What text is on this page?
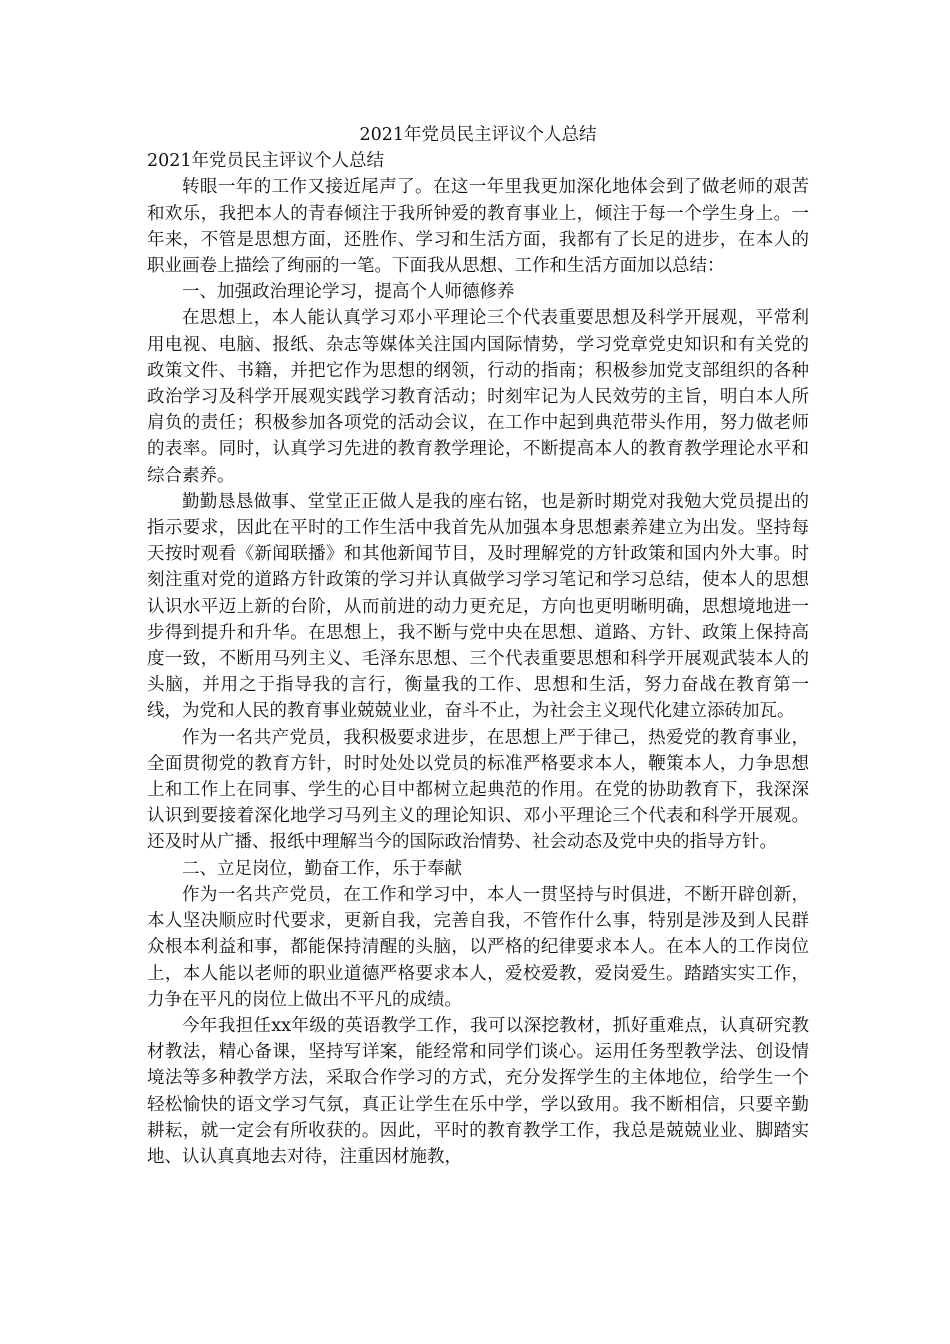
2021年党员民主评议个人总结

2021年党员民主评议个人总结

转眼一年的工作又接近尾声了。在这一年里我更加深化地体会到了做老师的艰苦和欢乐，我把本人的青春倾注于我所钟爱的教育事业上，倾注于每一个学生身上。一年来，不管是思想方面，还胜作、学习和生活方面，我都有了长足的进步，在本人的职业画卷上描绘了绚丽的一笔。下面我从思想、工作和生活方面加以总结：

一、加强政治理论学习，提高个人师德修养

在思想上，本人能认真学习邓小平理论三个代表重要思想及科学开展观，平常利用电视、电脑、报纸、杂志等媒体关注国内国际情势，学习党章党史知识和有关党的政策文件、书籍，并把它作为思想的纲领，行动的指南；积极参加党支部组织的各种政治学习及科学开展观实践学习教育活动；时刻牢记为人民效劳的主旨，明白本人所肩负的责任；积极参加各项党的活动会议，在工作中起到典范带头作用，努力做老师的表率。同时，认真学习先进的教育教学理论，不断提高本人的教育教学理论水平和综合素养。

勤勤恳恳做事、堂堂正正做人是我的座右铭，也是新时期党对我勉大党员提出的指示要求，因此在平时的工作生活中我首先从加强本身思想素养建立为出发。坚持每天按时观看《新闻联播》和其他新闻节目，及时理解党的方针政策和国内外大事。时刻注重对党的道路方针政策的学习并认真做学习学习笔记和学习总结，使本人的思想认识水平迈上新的台阶，从而前进的动力更充足，方向也更明晰明确，思想境地进一步得到提升和升华。在思想上，我不断与党中央在思想、道路、方针、政策上保持高度一致，不断用马列主义、毛泽东思想、三个代表重要思想和科学开展观武装本人的头脑，并用之于指导我的言行，衡量我的工作、思想和生活，努力奋战在教育第一线，为党和人民的教育事业兢兢业业，奋斗不止，为社会主义现代化建立添砖加瓦。

作为一名共产党员，我积极要求进步，在思想上严于律己，热爱党的教育事业，全面贯彻党的教育方针，时时处处以党员的标准严格要求本人，鞭策本人，力争思想上和工作上在同事、学生的心目中都树立起典范的作用。在党的协助教育下，我深深认识到要接着深化地学习马列主义的理论知识、邓小平理论三个代表和科学开展观。还及时从广播、报纸中理解当今的国际政治情势、社会动态及党中央的指导方针。

二、立足岗位，勤奋工作，乐于奉献

作为一名共产党员，在工作和学习中，本人一贯坚持与时俱进，不断开辟创新，本人坚决顺应时代要求，更新自我，完善自我，不管作什么事，特别是涉及到人民群众根本利益和事，都能保持清醒的头脑，以严格的纪律要求本人。在本人的工作岗位上，本人能以老师的职业道德严格要求本人，爱校爱教，爱岗爱生。踏踏实实工作，力争在平凡的岗位上做出不平凡的成绩。

今年我担任xx年级的英语教学工作，我可以深挖教材，抓好重难点，认真研究教材教法，精心备课，坚持写详案，能经常和同学们谈心。运用任务型教学法、创设情境法等多种教学方法，采取合作学习的方式，充分发挥学生的主体地位，给学生一个轻松愉快的语文学习气氛，真正让学生在乐中学，学以致用。我不断相信，只要辛勤耕耘，就一定会有所收获的。因此，平时的教育教学工作，我总是兢兢业业、脚踏实地、认认真真地去对待，注重因材施教，
